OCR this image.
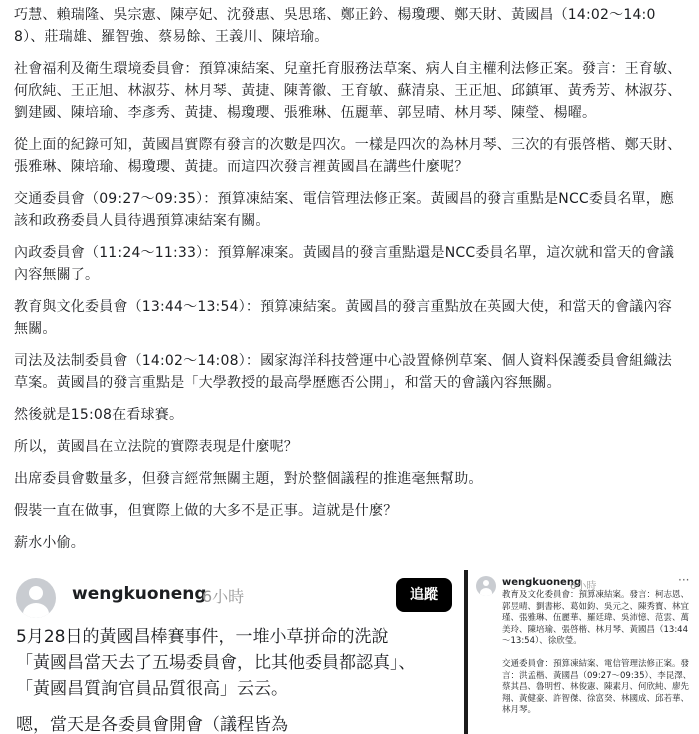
巧慧、賴瑞隆、吳宗憲、陳亭妃、沈發惠、吳思瑤、鄭正鈐、楊瓊瓔、鄭天財、黃國昌（14:02～14:08）、莊瑞雄、羅智強、蔡易餘、王義川、陳培瑜。

社會福利及衛生環境委員會：預算凍結案、兒童托育服務法草案、病人自主權利法修正案。發言：王育敏、何欣純、王正旭、林淑芬、林月琴、黃捷、陳菁徽、王育敏、蘇清泉、王正旭、邱鎮軍、黃秀芳、林淑芬、劉建國、陳培瑜、李彥秀、黃捷、楊瓊瓔、張雅琳、伍麗華、郭昱晴、林月琴、陳瑩、楊曜。

從上面的紀錄可知，黃國昌實際有發言的次數是四次。一樣是四次的為林月琴、三次的有張啓楷、鄭天財、張雅琳、陳培瑜、楊瓊瓔、黃捷。而這四次發言裡黃國昌在講些什麼呢？

交通委員會（09:27～09:35）：預算凍結案、電信管理法修正案。黃國昌的發言重點是NCC委員名單，應該和政務委員人員待遇預算凍結案有關。

內政委員會（11:24～11:33）：預算解凍案。黃國昌的發言重點還是NCC委員名單，這次就和當天的會議內容無關了。

教育與文化委員會（13:44～13:54）：預算凍結案。黃國昌的發言重點放在英國大使，和當天的會議內容無關。

司法及法制委員會（14:02～14:08）：國家海洋科技營運中心設置條例草案、個人資料保護委員會組織法草案。黃國昌的發言重點是「大學教授的最高學歷應否公開」，和當天的會議內容無關。

然後就是15:08在看球賽。

所以，黃國昌在立法院的實際表現是什麼呢？

出席委員會數量多，但發言經常無關主題，對於整個議程的推進毫無幫助。

假裝一直在做事，但實際上做的大多不是正事。這就是什麼？

薪水小偷。

wengkuoneng
6小時	追蹤
5月28日的黃國昌棒賽事件，一堆小草拼命的洗說
「黃國昌當天去了五場委員會，比其他委員都認真」、
「黃國昌質詢官員品質很高」云云。
嗯，當天是各委員會開會（議程皆為
wengkuoneng
6小時	···
教育及文化委員會：預算凍結案。發言：柯志恩、郭昱晴、劉書彬、葛如鈞、吳元之、陳秀寳、林宜瑾、張雅琳、伍麗華、羅廷瑋、吳沛憶、范雲、萬美玲、陳培瑜、張啓楷、林月琴、黃國昌（13:44～13:54）、徐欣瑩。
交通委員會：預算凍結案、電信管理法修正案。發言：洪孟楷、黃國昌（09:27～09:35）、李昆澤、蔡其昌、魯明哲、林俊憲、陳素月、何欣純、廖先翔、黃健豪、許智傑、徐富癸、林國成、邱若華、林月琴。
